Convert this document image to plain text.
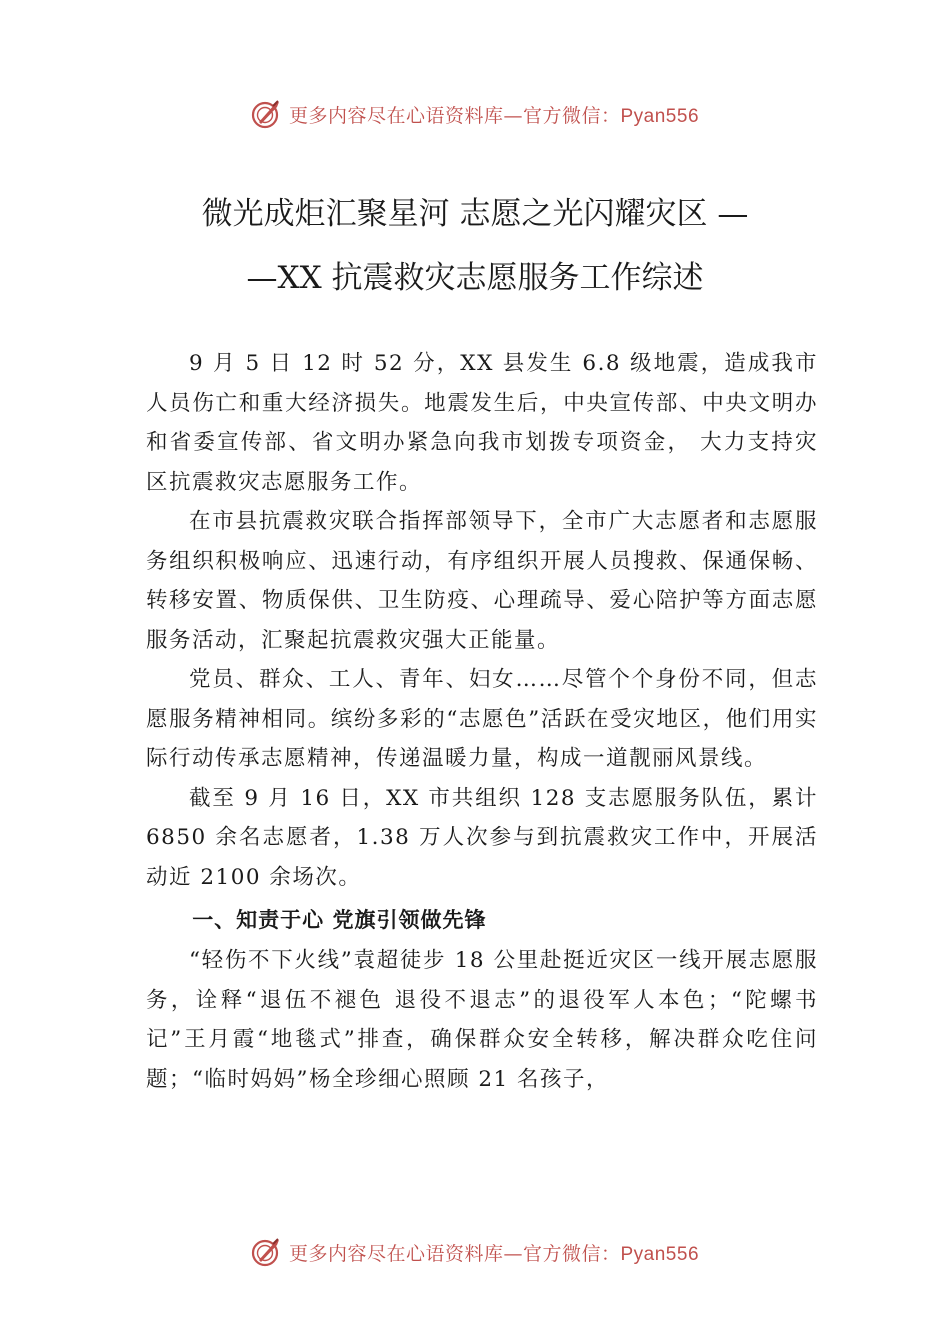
更多内容尽在心语资料库—官方微信：Pyan556
微光成炬汇聚星河 志愿之光闪耀灾区 —
—XX 抗震救灾志愿服务工作综述

9 月 5 日 12 时 52 分，XX 县发生 6.8 级地震，造成我市人员伤亡和重大经济损失。地震发生后，中央宣传部、中央文明办和省委宣传部、省文明办紧急向我市划拨专项资金， 大力支持灾区抗震救灾志愿服务工作。

在市县抗震救灾联合指挥部领导下，全市广大志愿者和志愿服务组织积极响应、迅速行动，有序组织开展人员搜救、保通保畅、转移安置、物质保供、卫生防疫、心理疏导、爱心陪护等方面志愿服务活动，汇聚起抗震救灾强大正能量。

党员、群众、工人、青年、妇女……尽管个个身份不同，但志愿服务精神相同。缤纷多彩的“志愿色”活跃在受灾地区，他们用实际行动传承志愿精神，传递温暖力量，构成一道靓丽风景线。

截至 9 月 16 日，XX 市共组织 128 支志愿服务队伍，累计 6850 余名志愿者，1.38 万人次参与到抗震救灾工作中，开展活动近 2100 余场次。

一、知责于心 党旗引领做先锋

“轻伤不下火线”袁超徒步 18 公里赴挺近灾区一线开展志愿服务，诠释“退伍不褪色 退役不退志”的退役军人本色；“陀螺书记”王月霞“地毯式”排查，确保群众安全转移，解决群众吃住问题；“临时妈妈”杨全珍细心照顾 21 名孩子，

更多内容尽在心语资料库—官方微信：Pyan556
